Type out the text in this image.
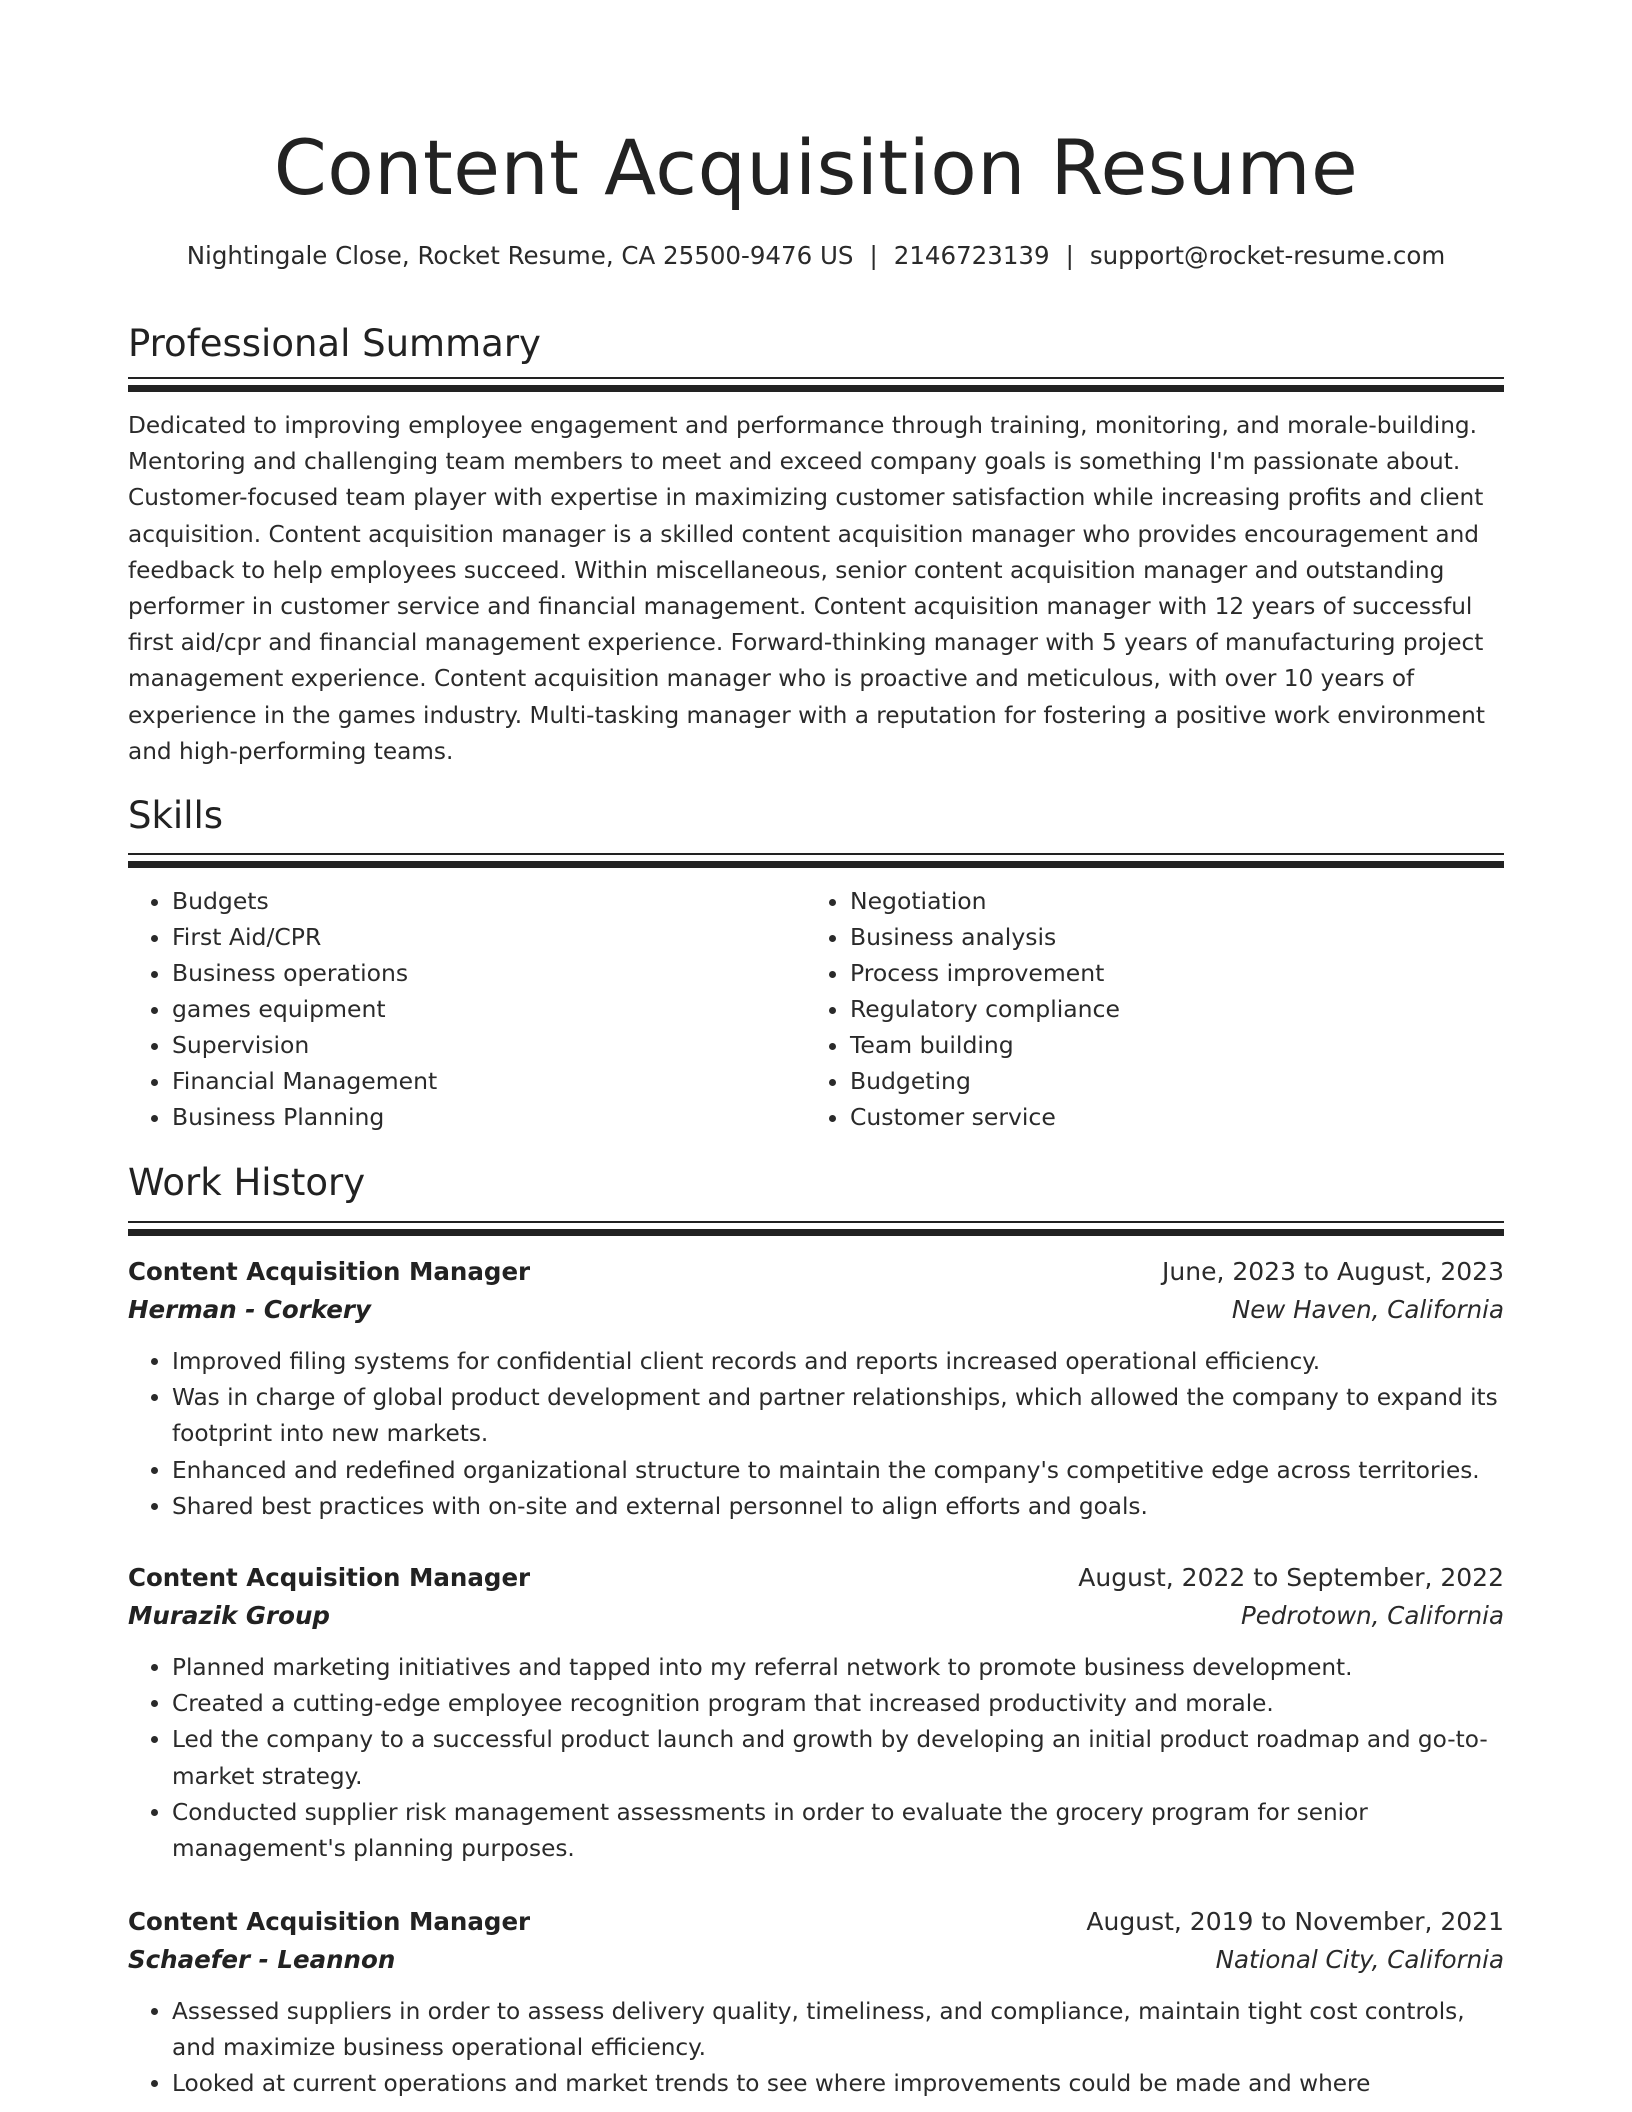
Content Acquisition Resume
Nightingale Close, Rocket Resume, CA 25500-9476 US | 2146723139 | support@rocket-resume.com
Professional Summary

Dedicated to improving employee engagement and performance through training, monitoring, and morale-building. Mentoring and challenging team members to meet and exceed company goals is something I'm passionate about. Customer-focused team player with expertise in maximizing customer satisfaction while increasing profits and client acquisition. Content acquisition manager is a skilled content acquisition manager who provides encouragement and feedback to help employees succeed. Within miscellaneous, senior content acquisition manager and outstanding performer in customer service and financial management. Content acquisition manager with 12 years of successful first aid/cpr and financial management experience. Forward-thinking manager with 5 years of manufacturing project management experience. Content acquisition manager who is proactive and meticulous, with over 10 years of experience in the games industry. Multi-tasking manager with a reputation for fostering a positive work environment and high-performing teams.

Skills
• Budgets
• First Aid/CPR
• Business operations
• games equipment
• Supervision
• Financial Management
• Business Planning
• Negotiation
• Business analysis
• Process improvement
• Regulatory compliance
• Team building
• Budgeting
• Customer service
Work History
Content Acquisition Manager	June, 2023 to August, 2023
Herman - Corkery	New Haven, California
• Improved filing systems for confidential client records and reports increased operational efficiency.
• Was in charge of global product development and partner relationships, which allowed the company to expand its footprint into new markets.
• Enhanced and redefined organizational structure to maintain the company's competitive edge across territories.
• Shared best practices with on-site and external personnel to align efforts and goals.
Content Acquisition Manager	August, 2022 to September, 2022
Murazik Group	Pedrotown, California
• Planned marketing initiatives and tapped into my referral network to promote business development.
• Created a cutting-edge employee recognition program that increased productivity and morale.
• Led the company to a successful product launch and growth by developing an initial product roadmap and go-to-market strategy.
• Conducted supplier risk management assessments in order to evaluate the grocery program for senior management's planning purposes.
Content Acquisition Manager	August, 2019 to November, 2021
Schaefer - Leannon	National City, California
• Assessed suppliers in order to assess delivery quality, timeliness, and compliance, maintain tight cost controls, and maximize business operational efficiency.
• Looked at current operations and market trends to see where improvements could be made and where
